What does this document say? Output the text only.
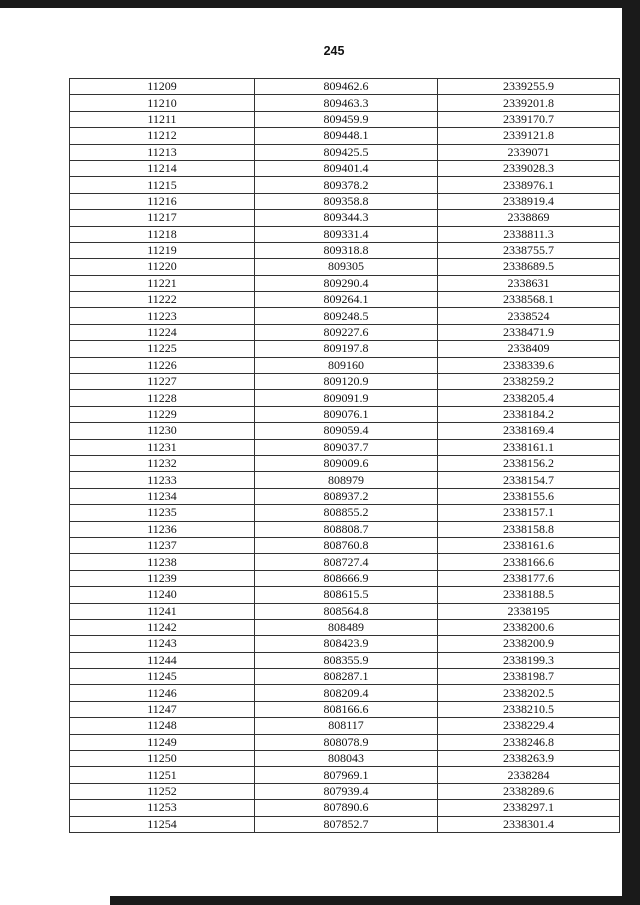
245
11209	809462.6	2339255.9
11210	809463.3	2339201.8
11211	809459.9	2339170.7
11212	809448.1	2339121.8
11213	809425.5	2339071
11214	809401.4	2339028.3
11215	809378.2	2338976.1
11216	809358.8	2338919.4
11217	809344.3	2338869
11218	809331.4	2338811.3
11219	809318.8	2338755.7
11220	809305	2338689.5
11221	809290.4	2338631
11222	809264.1	2338568.1
11223	809248.5	2338524
11224	809227.6	2338471.9
11225	809197.8	2338409
11226	809160	2338339.6
11227	809120.9	2338259.2
11228	809091.9	2338205.4
11229	809076.1	2338184.2
11230	809059.4	2338169.4
11231	809037.7	2338161.1
11232	809009.6	2338156.2
11233	808979	2338154.7
11234	808937.2	2338155.6
11235	808855.2	2338157.1
11236	808808.7	2338158.8
11237	808760.8	2338161.6
11238	808727.4	2338166.6
11239	808666.9	2338177.6
11240	808615.5	2338188.5
11241	808564.8	2338195
11242	808489	2338200.6
11243	808423.9	2338200.9
11244	808355.9	2338199.3
11245	808287.1	2338198.7
11246	808209.4	2338202.5
11247	808166.6	2338210.5
11248	808117	2338229.4
11249	808078.9	2338246.8
11250	808043	2338263.9
11251	807969.1	2338284
11252	807939.4	2338289.6
11253	807890.6	2338297.1
11254	807852.7	2338301.4
